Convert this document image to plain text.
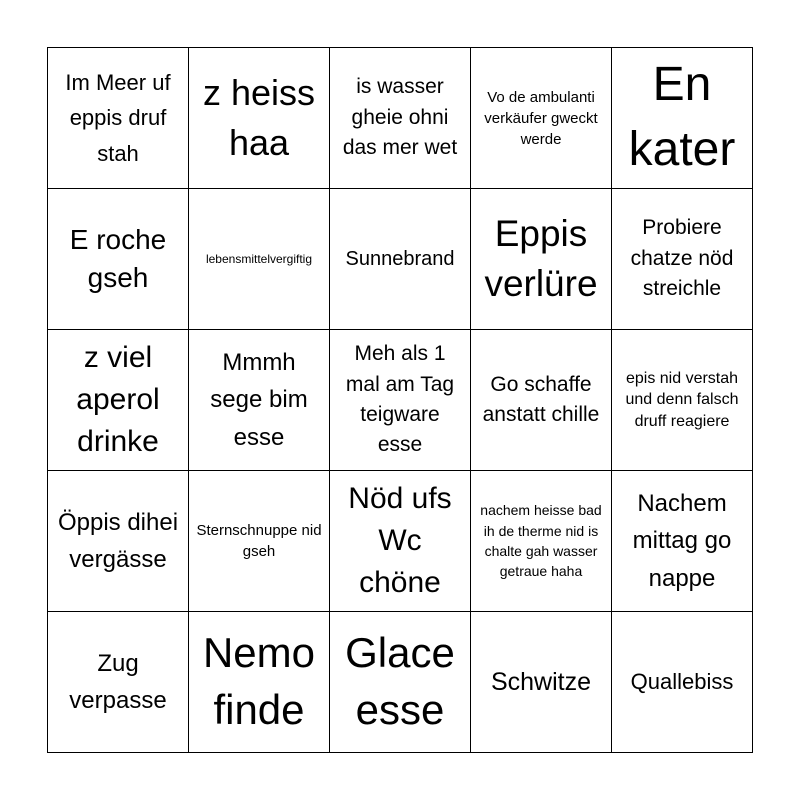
Im Meer uf eppis druf stah
z heiss haa
is wasser gheie ohni das mer wet
Vo de ambulanti verkäufer gweckt werde
En kater
E roche gseh
lebensmittelvergiftig Sunnebrand
Eppis verlüre
Probiere chatze nöd streichle
z viel aperol drinke
Mmmh sege bim esse
Meh als 1 mal am Tag teigware esse
Go schaffe anstatt chille
epis nid verstah und denn falsch druff reagiere
Öppis dihei vergässe
Sternschnuppe nid gseh
Nöd ufs Wc chöne
nachem heisse bad ih de therme nid is chalte gah wasser getraue haha
Nachem mittag go nappe
Zug verpasse
Nemo finde
Glace esse
Schwitze Quallebiss
